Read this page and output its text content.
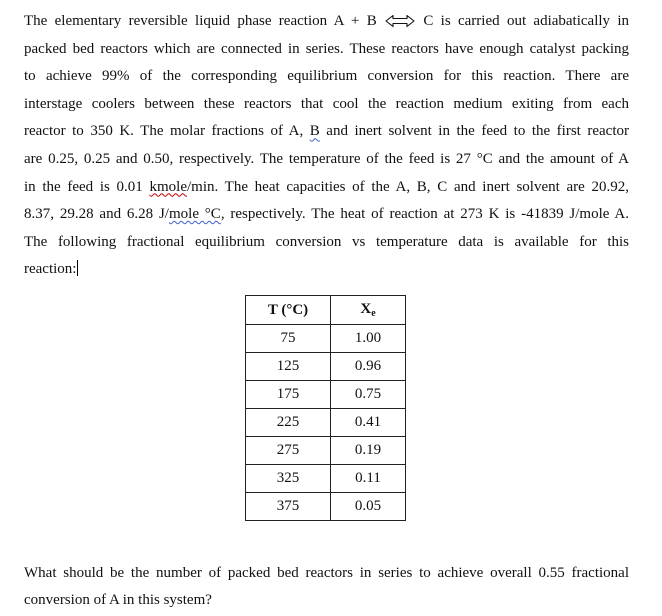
The elementary reversible liquid phase reaction A + B	C is carried out adiabatically in
packed bed reactors which are connected in series. These reactors have enough catalyst packing
to achieve 99% of the corresponding equilibrium conversion for this reaction. There are
interstage coolers between these reactors that cool the reaction medium exiting from each
reactor to 350 K. The molar fractions of A, B and inert solvent in the feed to the first reactor
are 0.25, 0.25 and 0.50, respectively. The temperature of the feed is 27 °C and the amount of A
in the feed is 0.01 kmole/min. The heat capacities of the A, B, C and inert solvent are 20.92,
8.37, 29.28 and 6.28 J/mole °C, respectively. The heat of reaction at 273 K is -41839 J/mole A.
The following fractional equilibrium conversion vs temperature data is available for this
reaction:
T (°C)	$X_e$
75	1.00
125	0.96
175	0.75
225	0.41
275	0.19
325	0.11
375	0.05
What should be the number of packed bed reactors in series to achieve overall 0.55 fractional
conversion of A in this system?
